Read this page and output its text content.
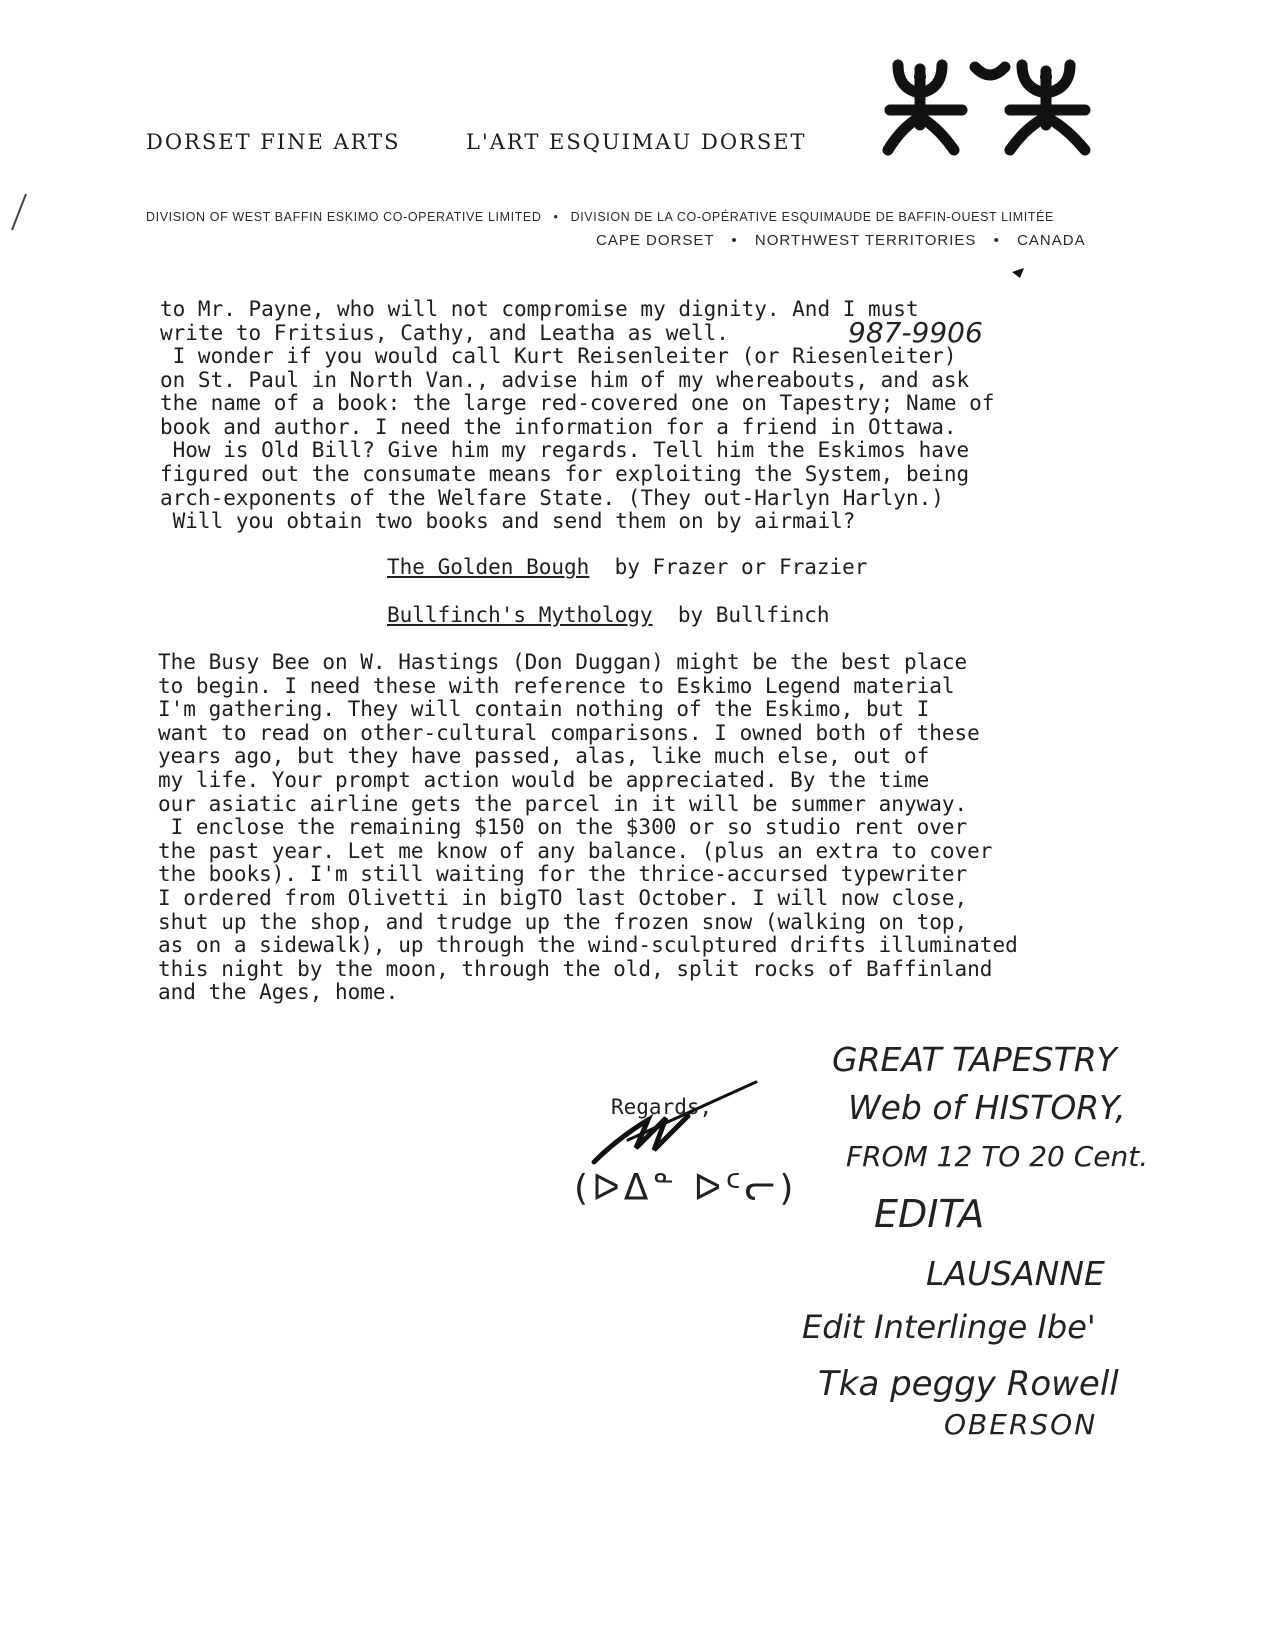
DORSET FINE ARTS	L'ART ESQUIMAU DORSET
DIVISION OF WEST BAFFIN ESKIMO CO-OPERATIVE LIMITED • DIVISION DE LA CO-OPÉRATIVE ESQUIMAUDE DE BAFFIN-OUEST LIMITÉE
CAPE DORSET • NORTHWEST TERRITORIES • CANADA
to Mr. Payne, who will not compromise my dignity. And I must
write to Fritsius, Cathy, and Leatha as well.	987-9906
I wonder if you would call Kurt Reisenleiter (or Riesenleiter)
on St. Paul in North Van., advise him of my whereabouts, and ask
the name of a book: the large red-covered one on Tapestry; Name of
book and author. I need the information for a friend in Ottawa.
How is Old Bill? Give him my regards. Tell him the Eskimos have
figured out the consumate means for exploiting the System, being
arch-exponents of the Welfare State. (They out-Harlyn Harlyn.)
Will you obtain two books and send them on by airmail?
The Golden Bough by Frazer or Frazier
Bullfinch's Mythology by Bullfinch
The Busy Bee on W. Hastings (Don Duggan) might be the best place
to begin. I need these with reference to Eskimo Legend material
I'm gathering. They will contain nothing of the Eskimo, but I
want to read on other-cultural comparisons. I owned both of these
years ago, but they have passed, alas, like much else, out of
my life. Your prompt action would be appreciated. By the time
our asiatic airline gets the parcel in it will be summer anyway.
I enclose the remaining $150 on the $300 or so studio rent over
the past year. Let me know of any balance. (plus an extra to cover
the books). I'm still waiting for the thrice-accursed typewriter
I ordered from Olivetti in bigTO last October. I will now close,
shut up the shop, and trudge up the frozen snow (walking on top,
as on a sidewalk), up through the wind-sculptured drifts illuminated
this night by the moon, through the old, split rocks of Baffinland
and the Ages, home.
Regards,
(ᐅᐃᓐ ᐅᑦᓕ)
GREAT TAPESTRY
Web of HISTORY,
FROM 12 TO 20 Cent.
EDITA
LAUSANNE
Edit Interlinge Ibe'
Tka peggy Rowell
OBERSON
